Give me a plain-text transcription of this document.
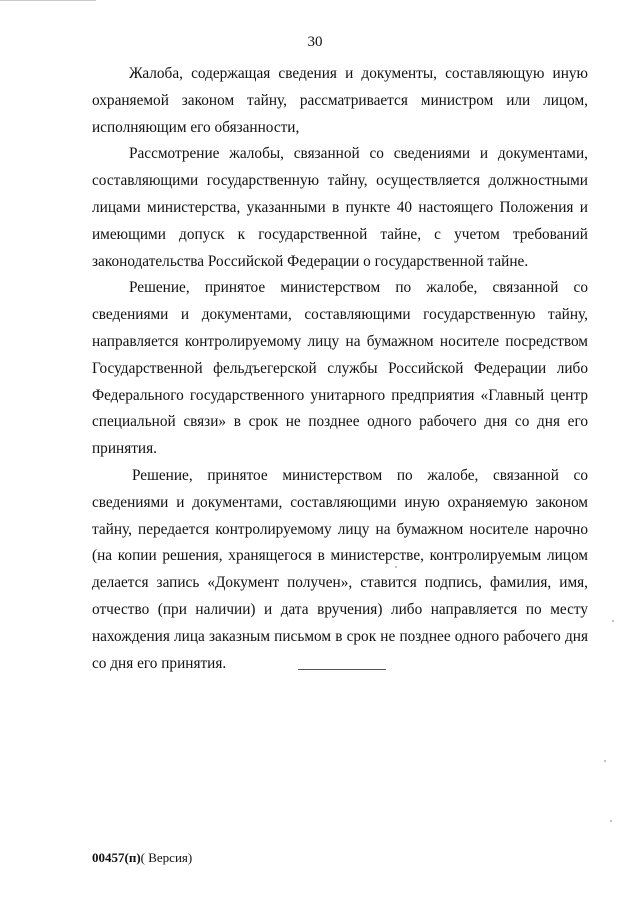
30

Жалоба, содержащая сведения и документы, составляющую иную охраняемой законом тайну, рассматривается министром или лицом, исполняющим его обязанности,

Рассмотрение жалобы, связанной со сведениями и документами, составляющими государственную тайну, осуществляется должностными лицами министерства, указанными в пункте 40 настоящего Положения и имеющими допуск к государственной тайне, с учетом требований законодательства Российской Федерации о государственной тайне.

Решение, принятое министерством по жалобе, связанной со сведениями и документами, составляющими государственную тайну, направляется контролируемому лицу на бумажном носителе посредством Государственной фельдъегерской службы Российской Федерации либо Федерального государственного унитарного предприятия «Главный центр специальной связи» в срок не позднее одного рабочего дня со дня его принятия.

Решение, принятое министерством по жалобе, связанной со сведениями и документами, составляющими иную охраняемую законом тайну, передается контролируемому лицу на бумажном носителе нарочно (на копии решения, хранящегося в министерстве, контролируемым лицом делается запись «Документ получен», ставится подпись, фамилия, имя, отчество (при наличии) и дата вручения) либо направляется по месту нахождения лица заказным письмом в срок не позднее одного рабочего дня со дня его принятия.

00457(п)( Версия)
